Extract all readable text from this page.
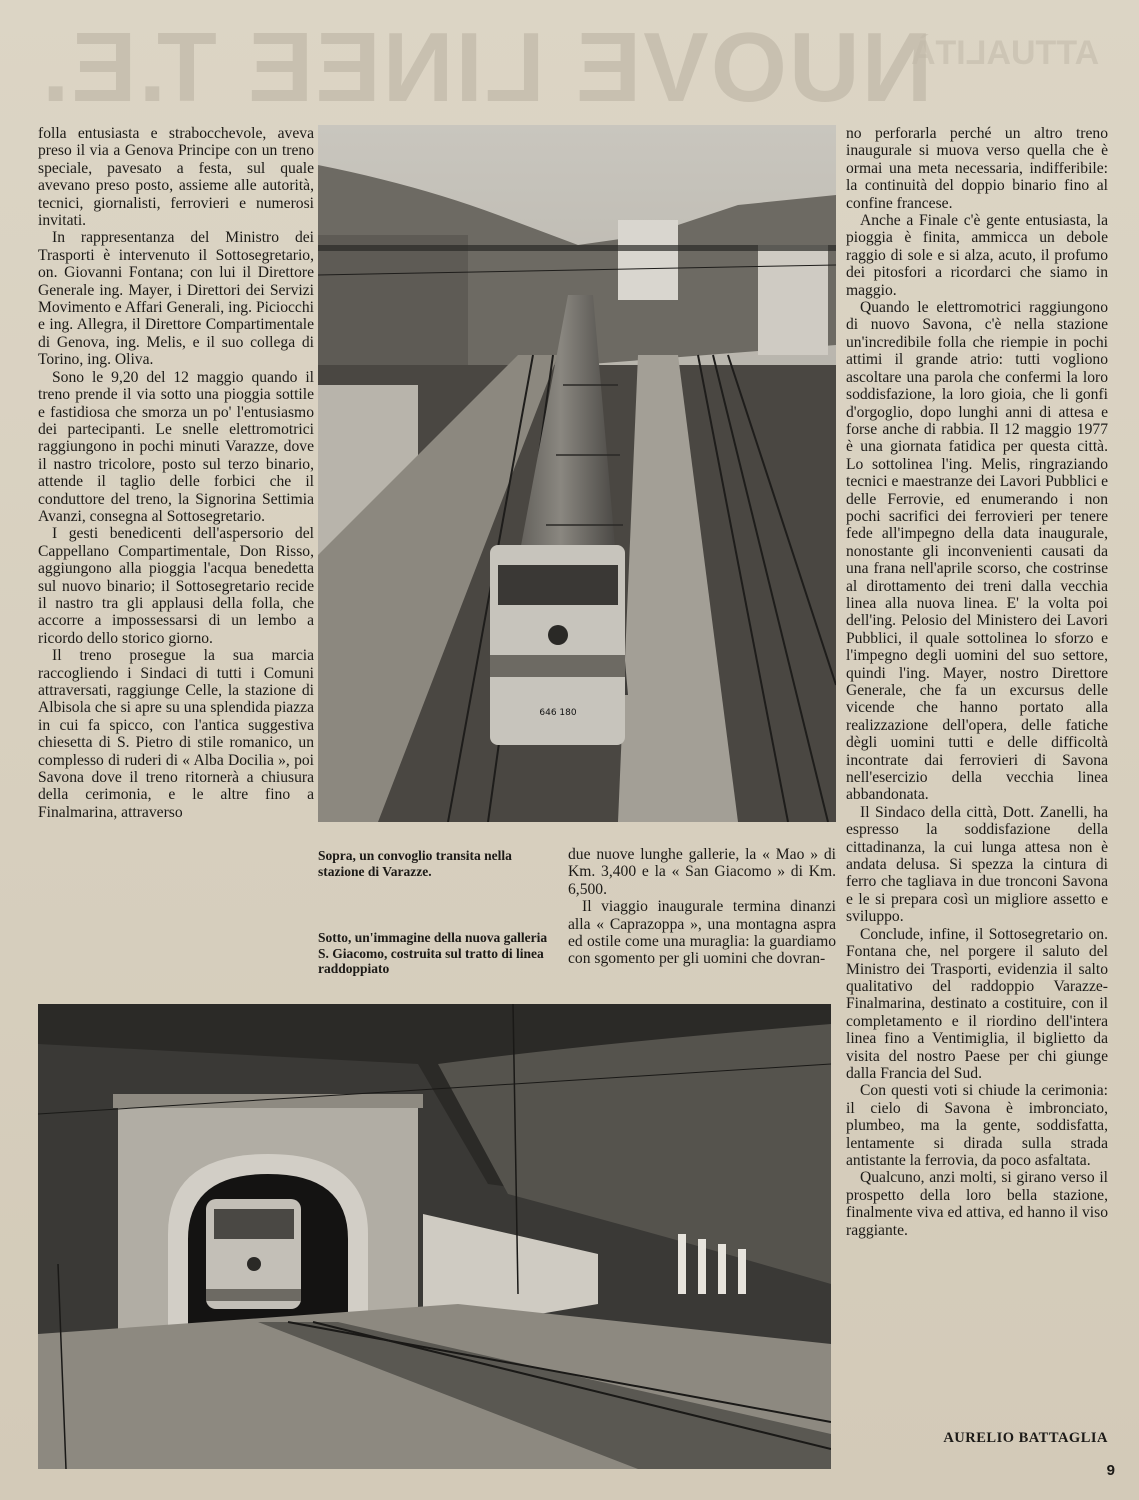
NUOVE LINEE T.E.
ATTUALITÀ

folla entusiasta e strabocchevole, aveva preso il via a Genova Principe con un treno speciale, pavesato a festa, sul quale avevano preso posto, assieme alle autorità, tecnici, giornalisti, ferrovieri e numerosi invitati.

In rappresentanza del Ministro dei Trasporti è intervenuto il Sottosegretario, on. Giovanni Fontana; con lui il Direttore Generale ing. Mayer, i Direttori dei Servizi Movimento e Affari Generali, ing. Piciocchi e ing. Allegra, il Direttore Compartimentale di Genova, ing. Melis, e il suo collega di Torino, ing. Oliva.

Sono le 9,20 del 12 maggio quando il treno prende il via sotto una pioggia sottile e fastidiosa che smorza un po' l'entusiasmo dei partecipanti. Le snelle elettromotrici raggiungono in pochi minuti Varazze, dove il nastro tricolore, posto sul terzo binario, attende il taglio delle forbici che il conduttore del treno, la Signorina Settimia Avanzi, consegna al Sottosegretario.

I gesti benedicenti dell'aspersorio del Cappellano Compartimentale, Don Risso, aggiungono alla pioggia l'acqua benedetta sul nuovo binario; il Sottosegretario recide il nastro tra gli applausi della folla, che accorre a impossessarsi di un lembo a ricordo dello storico giorno.

Il treno prosegue la sua marcia raccogliendo i Sindaci di tutti i Comuni attraversati, raggiunge Celle, la stazione di Albisola che si apre su una splendida piazza in cui fa spicco, con l'antica suggestiva chiesetta di S. Pietro di stile romanico, un complesso di ruderi di « Alba Docilia », poi Savona dove il treno ritornerà a chiusura della cerimonia, e le altre fino a Finalmarina, attraverso

646 180
Sopra, un convoglio transita nella stazione di Varazze.
Sotto, un'immagine della nuova galleria S. Giacomo, costruita sul tratto di linea raddoppiato

due nuove lunghe gallerie, la « Mao » di Km. 3,400 e la « San Giacomo » di Km. 6,500.

Il viaggio inaugurale termina dinanzi alla « Caprazoppa », una montagna aspra ed ostile come una muraglia: la guardiamo con sgomento per gli uomini che dovran-

no perforarla perché un altro treno inaugurale si muova verso quella che è ormai una meta necessaria, indifferibile: la continuità del doppio binario fino al confine francese.

Anche a Finale c'è gente entusiasta, la pioggia è finita, ammicca un debole raggio di sole e si alza, acuto, il profumo dei pitosfori a ricordarci che siamo in maggio.

Quando le elettromotrici raggiungono di nuovo Savona, c'è nella stazione un'incredibile folla che riempie in pochi attimi il grande atrio: tutti vogliono ascoltare una parola che confermi la loro soddisfazione, la loro gioia, che li gonfi d'orgoglio, dopo lunghi anni di attesa e forse anche di rabbia. Il 12 maggio 1977 è una giornata fatidica per questa città. Lo sottolinea l'ing. Melis, ringraziando tecnici e maestranze dei Lavori Pubblici e delle Ferrovie, ed enumerando i non pochi sacrifici dei ferrovieri per tenere fede all'impegno della data inaugurale, nonostante gli inconvenienti causati da una frana nell'aprile scorso, che costrinse al dirottamento dei treni dalla vecchia linea alla nuova linea. E' la volta poi dell'ing. Pelosio del Ministero dei Lavori Pubblici, il quale sottolinea lo sforzo e l'impegno degli uomini del suo settore, quindi l'ing. Mayer, nostro Direttore Generale, che fa un excursus delle vicende che hanno portato alla realizzazione dell'opera, delle fatiche dègli uomini tutti e delle difficoltà incontrate dai ferrovieri di Savona nell'esercizio della vecchia linea abbandonata.

Il Sindaco della città, Dott. Zanelli, ha espresso la soddisfazione della cittadinanza, la cui lunga attesa non è andata delusa. Si spezza la cintura di ferro che tagliava in due tronconi Savona e le si prepara così un migliore assetto e sviluppo.

Conclude, infine, il Sottosegretario on. Fontana che, nel porgere il saluto del Ministro dei Trasporti, evidenzia il salto qualitativo del raddoppio Varazze-Finalmarina, destinato a costituire, con il completamento e il riordino dell'intera linea fino a Ventimiglia, il biglietto da visita del nostro Paese per chi giunge dalla Francia del Sud.

Con questi voti si chiude la cerimonia: il cielo di Savona è imbronciato, plumbeo, ma la gente, soddisfatta, lentamente si dirada sulla strada antistante la ferrovia, da poco asfaltata.

Qualcuno, anzi molti, si girano verso il prospetto della loro bella stazione, finalmente viva ed attiva, ed hanno il viso raggiante.

AURELIO BATTAGLIA
9
